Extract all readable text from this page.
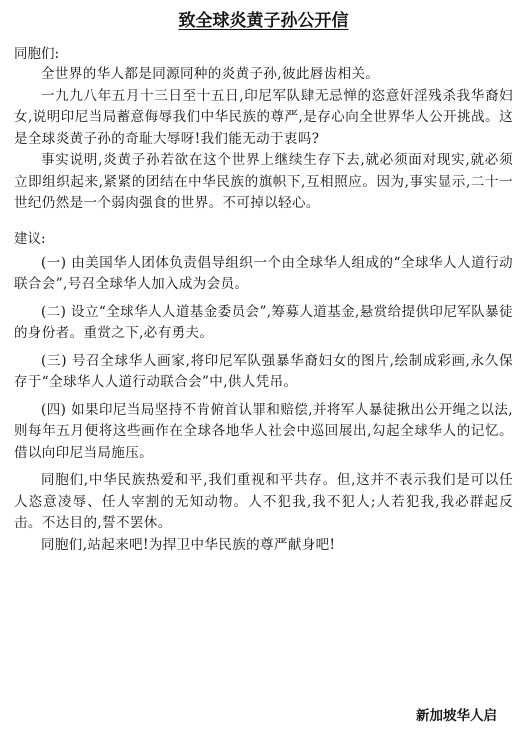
致全球炎黄子孙公开信

同胞们:

全世界的华人都是同源同种的炎黄子孙,彼此唇齿相关。

一九九八年五月十三日至十五日,印尼军队肆无忌惮的恣意奸淫残杀我华裔妇女,说明印尼当局蓄意侮辱我们中华民族的尊严,是存心向全世界华人公开挑战。这是全球炎黄子孙的奇耻大辱呀!我们能无动于衷吗?

事实说明,炎黄子孙若欲在这个世界上继续生存下去,就必须面对现实,就必须立即组织起来,紧紧的团结在中华民族的旗帜下,互相照应。因为,事实显示,二十一世纪仍然是一个弱肉强食的世界。不可掉以轻心。

建议:

(一) 由美国华人团体负责倡导组织一个由全球华人组成的“全球华人人道行动联合会”,号召全球华人加入成为会员。

(二) 设立“全球华人人道基金委员会”,筹募人道基金,悬赏给提供印尼军队暴徒的身份者。重赏之下,必有勇夫。

(三) 号召全球华人画家,将印尼军队强暴华裔妇女的图片,绘制成彩画,永久保存于“全球华人人道行动联合会”中,供人凭吊。

(四) 如果印尼当局坚持不肯俯首认罪和赔偿,并将军人暴徒揪出公开绳之以法,则每年五月便将这些画作在全球各地华人社会中巡回展出,勾起全球华人的记忆。借以向印尼当局施压。

同胞们,中华民族热爱和平,我们重视和平共存。但,这并不表示我们是可以任人恣意凌辱、任人宰割的无知动物。人不犯我,我不犯人;人若犯我,我必群起反击。不达目的,誓不罢休。

同胞们,站起来吧!为捍卫中华民族的尊严献身吧!

新加坡华人启
